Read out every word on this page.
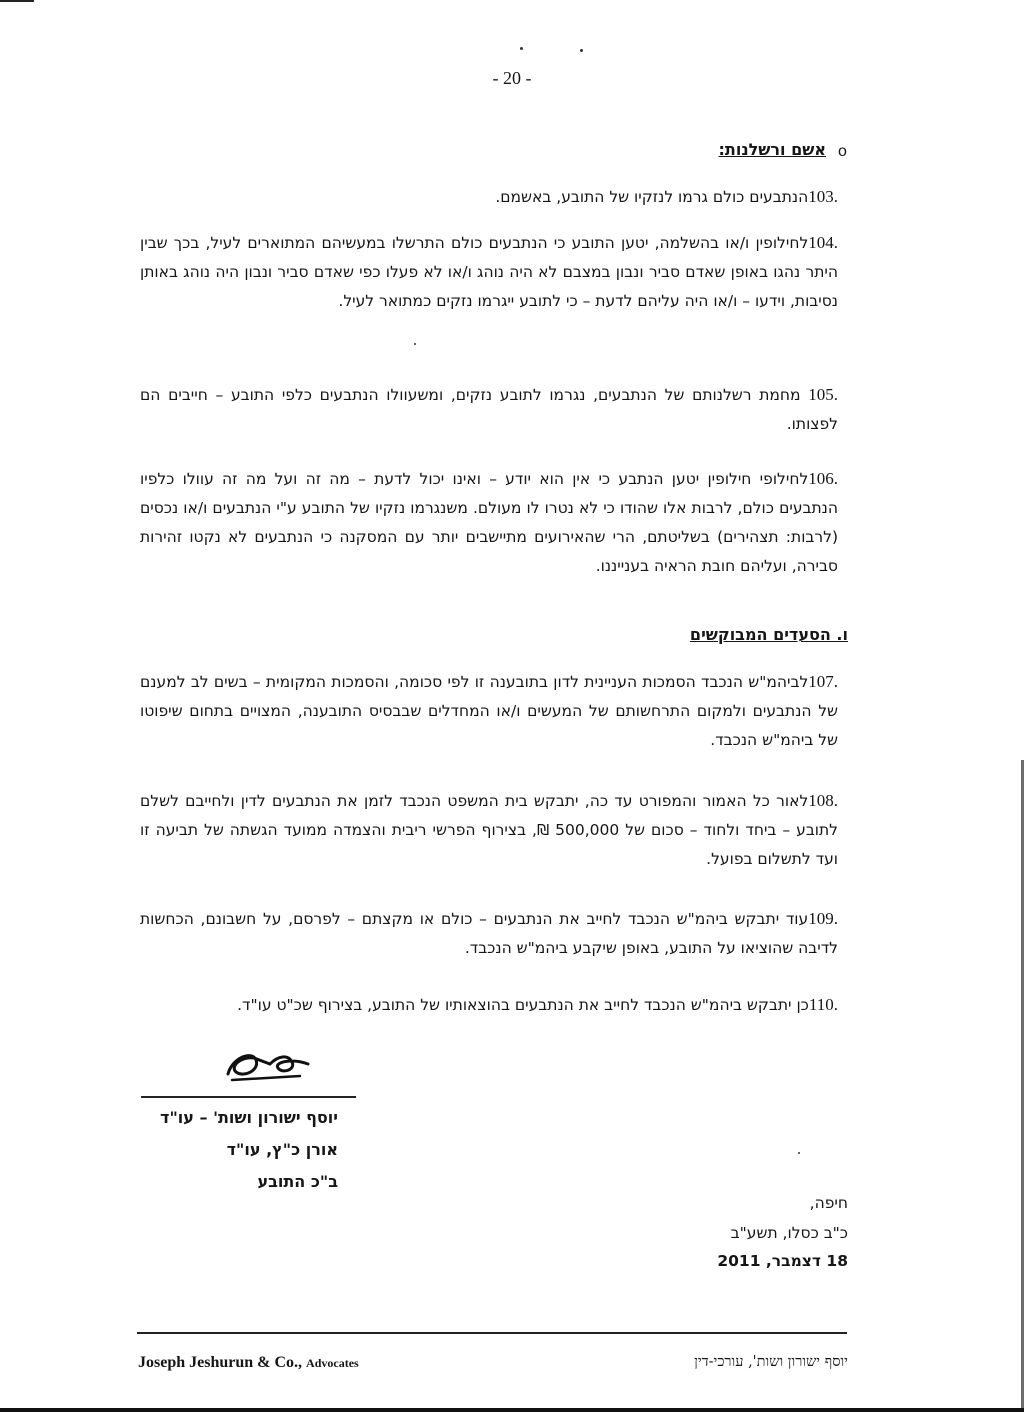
- 20 -
o
אשם ורשלנות:
103.הנתבעים כולם גרמו לנזקיו של התובע, באשמם.
104.לחילופין ו/או בהשלמה, יטען התובע כי הנתבעים כולם התרשלו במעשיהם המתוארים לעיל, בכך שבין היתר נהגו באופן שאדם סביר ונבון במצבם לא היה נוהג ו/או לא פעלו כפי שאדם סביר ונבון היה נוהג באותן נסיבות, וידעו – ו/או היה עליהם לדעת – כי לתובע ייגרמו נזקים כמתואר לעיל.
105. מחמת רשלנותם של הנתבעים, נגרמו לתובע נזקים, ומשעוולו הנתבעים כלפי התובע – חייבים הם לפצותו.
106.לחילופי חילופין יטען הנתבע כי אין הוא יודע – ואינו יכול לדעת – מה זה ועל מה זה עוולו כלפיו הנתבעים כולם, לרבות אלו שהודו כי לא נטרו לו מעולם. משנגרמו נזקיו של התובע ע"י הנתבעים ו/או נכסים (לרבות: תצהירים) בשליטתם, הרי שהאירועים מתיישבים יותר עם המסקנה כי הנתבעים לא נקטו זהירות סבירה, ועליהם חובת הראיה בענייננו.
ו. הסעדים המבוקשים
107.לביהמ"ש הנכבד הסמכות העניינית לדון בתובענה זו לפי סכומה, והסמכות המקומית – בשים לב למענם של הנתבעים ולמקום התרחשותם של המעשים ו/או המחדלים שבבסיס התובענה, המצויים בתחום שיפוטו של ביהמ"ש הנכבד.
108.לאור כל האמור והמפורט עד כה, יתבקש בית המשפט הנכבד לזמן את הנתבעים לדין ולחייבם לשלם לתובע – ביחד ולחוד – סכום של 500,000 ₪, בצירוף הפרשי ריבית והצמדה ממועד הגשתה של תביעה זו ועד לתשלום בפועל.
109.עוד יתבקש ביהמ"ש הנכבד לחייב את הנתבעים – כולם או מקצתם – לפרסם, על חשבונם, הכחשות לדיבה שהוציאו על התובע, באופן שיקבע ביהמ"ש הנכבד.
110.כן יתבקש ביהמ"ש הנכבד לחייב את הנתבעים בהוצאותיו של התובע, בצירוף שכ"ט עו"ד.
יוסף ישורון ושות' – עו"ד
אורן כ"ץ, עו"ד
ב"כ התובע
חיפה,
כ"ב כסלו, תשע"ב
18 דצמבר, 2011
Joseph Jeshurun & Co., Advocates	יוסף ישורון ושות', עורכי-דין
